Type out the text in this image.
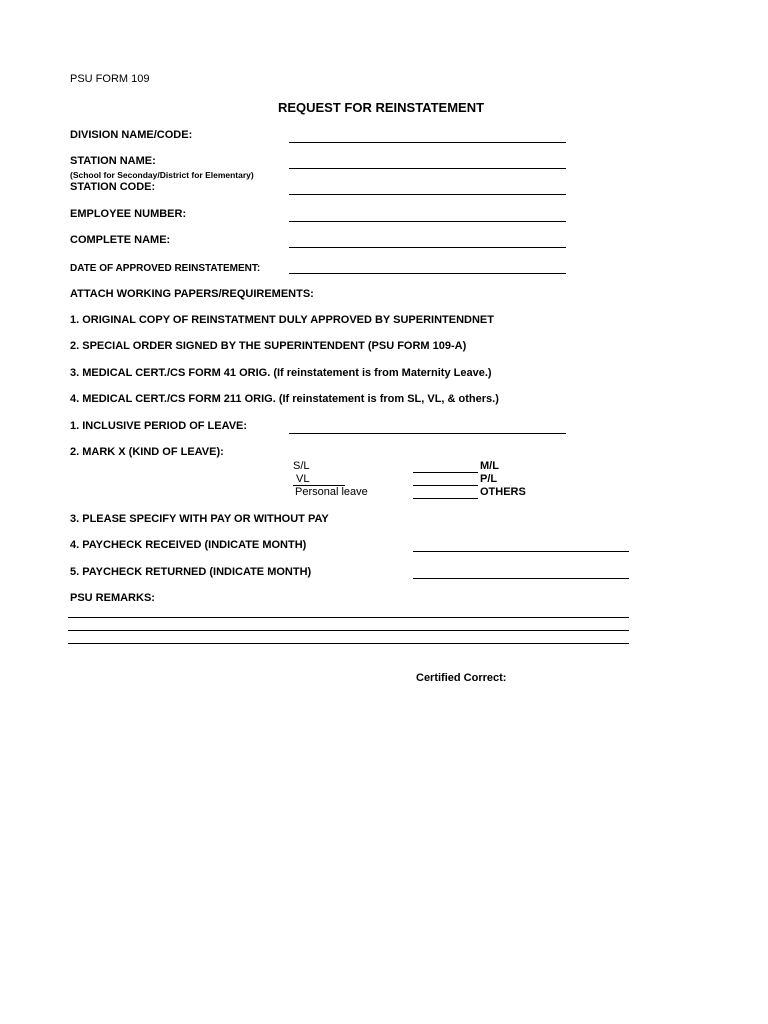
PSU FORM 109
REQUEST FOR REINSTATEMENT
DIVISION NAME/CODE:
STATION NAME:
(School for Seconday/District for Elementary)
STATION CODE:
EMPLOYEE NUMBER:
COMPLETE NAME:
DATE OF APPROVED REINSTATEMENT:
ATTACH WORKING PAPERS/REQUIREMENTS:
1. ORIGINAL COPY OF REINSTATMENT DULY APPROVED BY SUPERINTENDNET
2. SPECIAL ORDER SIGNED BY THE SUPERINTENDENT (PSU FORM 109-A)
3. MEDICAL CERT./CS FORM 41 ORIG. (If reinstatement is from Maternity Leave.)
4. MEDICAL CERT./CS FORM 211 ORIG. (If reinstatement is from SL, VL, & others.)
1. INCLUSIVE PERIOD OF LEAVE:
2. MARK X (KIND OF LEAVE):
S/L
VL
Personal leave
M/L
P/L
OTHERS
3. PLEASE SPECIFY WITH PAY OR WITHOUT PAY
4. PAYCHECK RECEIVED (INDICATE MONTH)
5. PAYCHECK RETURNED (INDICATE MONTH)
PSU REMARKS:
Certified Correct:
